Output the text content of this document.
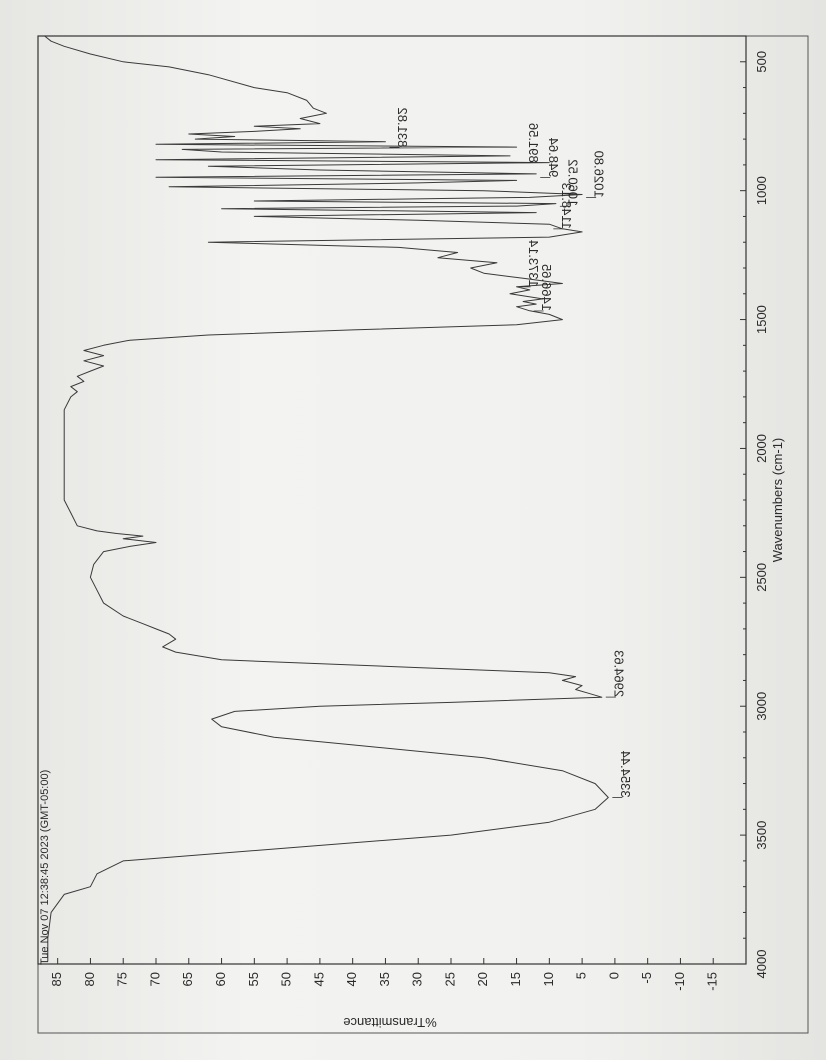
4000
3500
3000
2500
2000
1500
1000
500
85 80 75 70 65 60 55 50 45 40 35 30 25 20 15 10 5 0 -5 -10 -15
3354.44
2964.63
1466.65
1373.14
1148.13
1060.52 1026.80
948.64
891.56
831.82
Tue Nov 07 12:38:45 2023 (GMT-05:00)
Wavenumbers (cm-1)
%Transmittance
